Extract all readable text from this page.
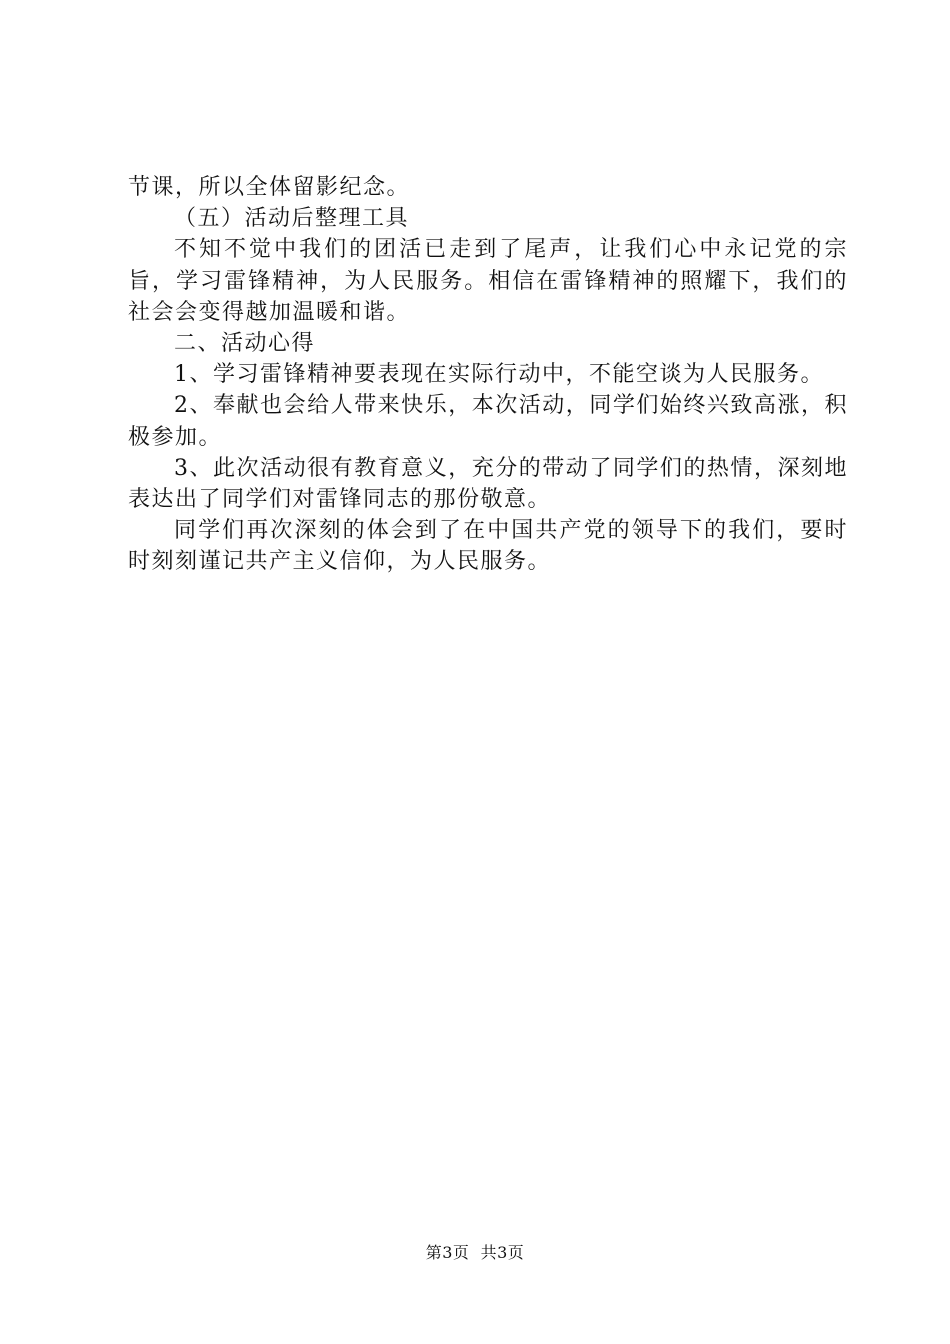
节课，所以全体留影纪念。

（五）活动后整理工具

不知不觉中我们的团活已走到了尾声，让我们心中永记党的宗旨，学习雷锋精神，为人民服务。相信在雷锋精神的照耀下，我们的社会会变得越加温暖和谐。

二、活动心得

1、学习雷锋精神要表现在实际行动中，不能空谈为人民服务。

2、奉献也会给人带来快乐，本次活动，同学们始终兴致高涨，积极参加。

3、此次活动很有教育意义，充分的带动了同学们的热情，深刻地表达出了同学们对雷锋同志的那份敬意。

同学们再次深刻的体会到了在中国共产党的领导下的我们，要时时刻刻谨记共产主义信仰，为人民服务。

第3页 共3页
